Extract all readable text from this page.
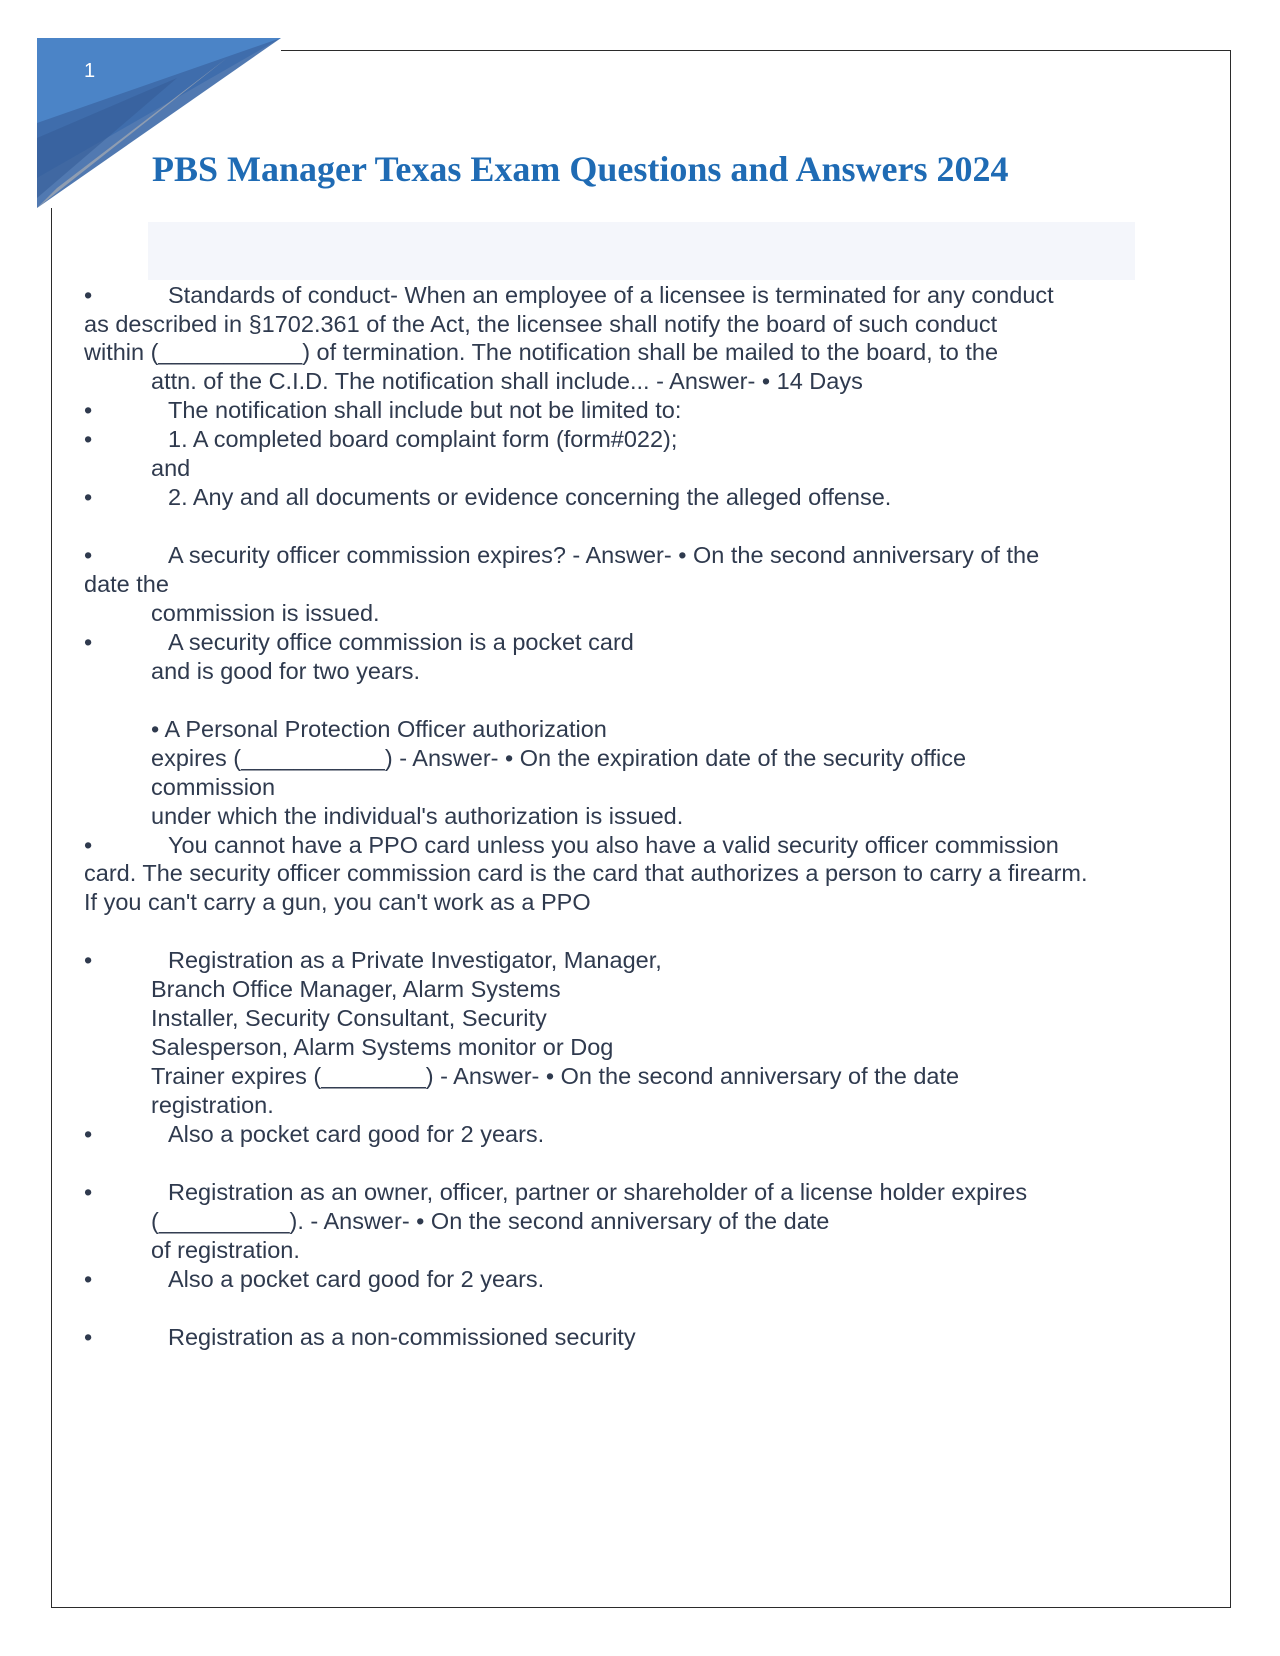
1
PBS Manager Texas Exam Questions and Answers 2024
•	Standards of conduct- When an employee of a licensee is terminated for any conduct
as described in §1702.361 of the Act, the licensee shall notify the board of such conduct
within (___________) of termination. The notification shall be mailed to the board, to the
attn. of the C.I.D. The notification shall include... - Answer- • 14 Days
•	The notification shall include but not be limited to:
•	1. A completed board complaint form (form#022);
and
•	2. Any and all documents or evidence concerning the alleged offense.
•	A security officer commission expires? - Answer- • On the second anniversary of the
date the
commission is issued.
•	A security office commission is a pocket card
and is good for two years.
• A Personal Protection Officer authorization
expires (___________) - Answer- • On the expiration date of the security office
commission
under which the individual's authorization is issued.
•	You cannot have a PPO card unless you also have a valid security officer commission
card. The security officer commission card is the card that authorizes a person to carry a firearm.
If you can't carry a gun, you can't work as a PPO
•	Registration as a Private Investigator, Manager,
Branch Office Manager, Alarm Systems
Installer, Security Consultant, Security
Salesperson, Alarm Systems monitor or Dog
Trainer expires (________) - Answer- • On the second anniversary of the date
registration.
•	Also a pocket card good for 2 years.
•	Registration as an owner, officer, partner or shareholder of a license holder expires
(__________). - Answer- • On the second anniversary of the date
of registration.
•	Also a pocket card good for 2 years.
•	Registration as a non-commissioned security
